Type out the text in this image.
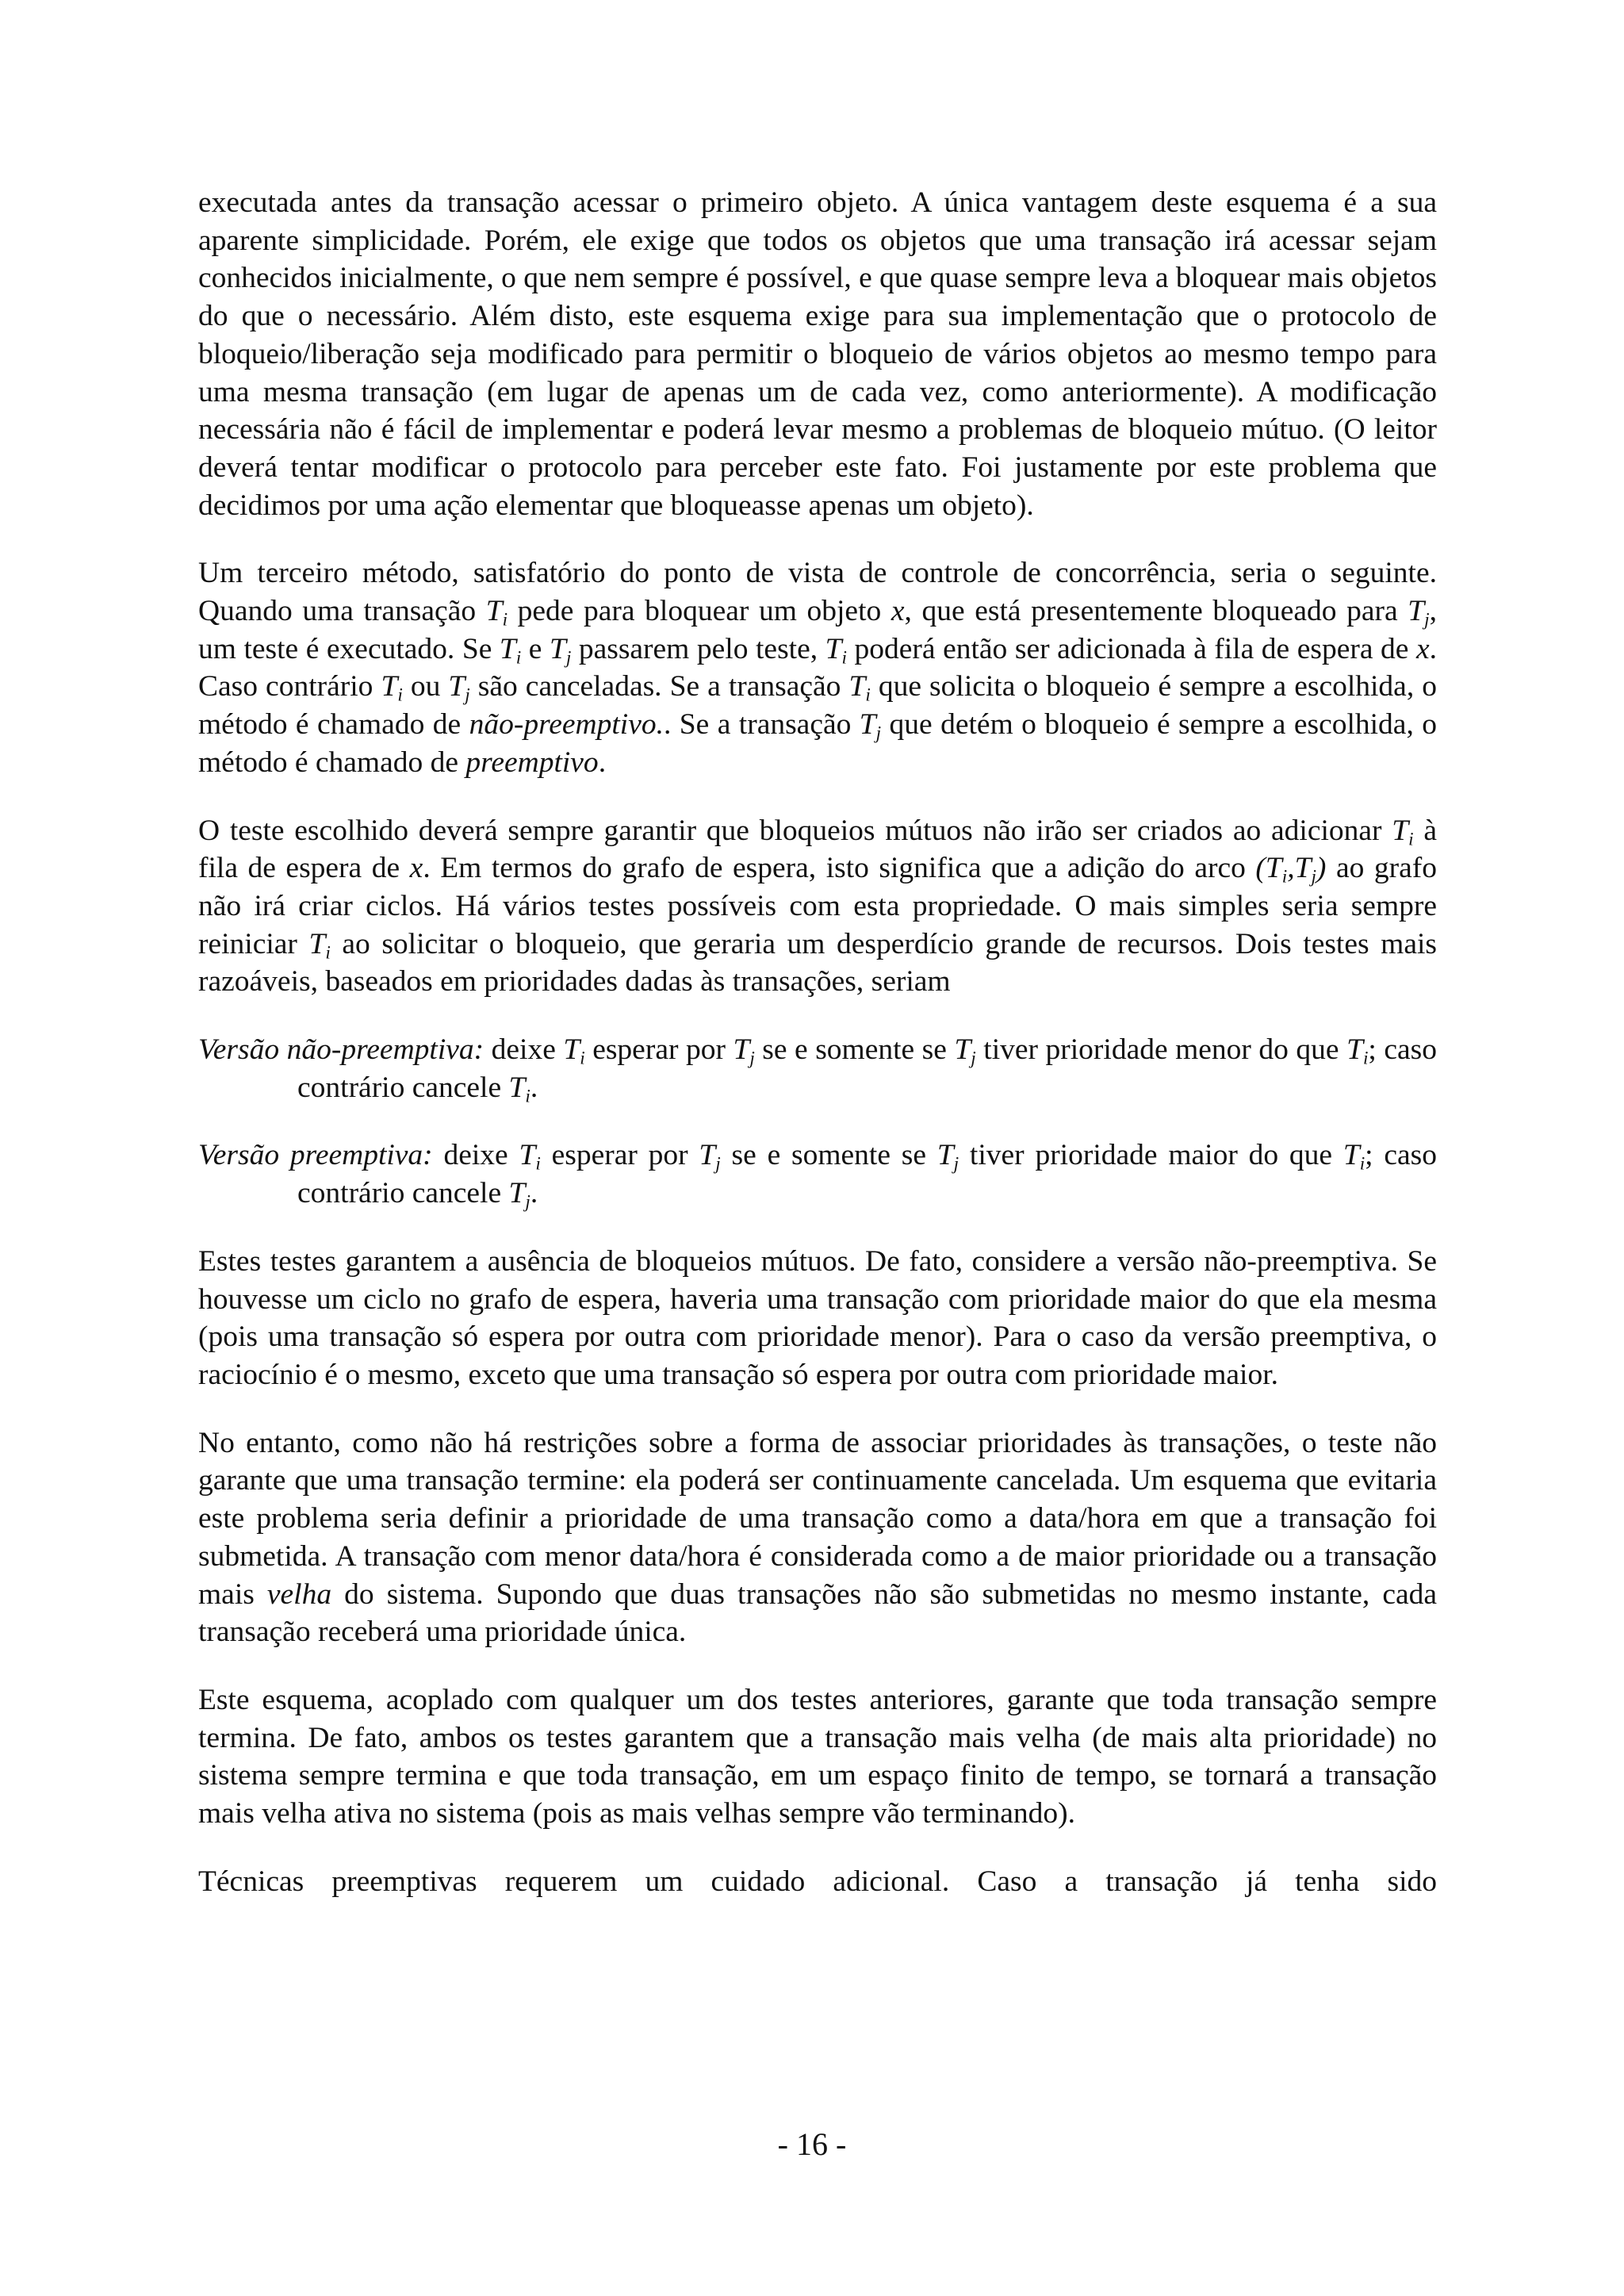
executada antes da transação acessar o primeiro objeto. A única vantagem deste esquema é a sua aparente simplicidade. Porém, ele exige que todos os objetos que uma transação irá acessar sejam conhecidos inicialmente, o que nem sempre é possível, e que quase sempre leva a bloquear mais objetos do que o necessário. Além disto, este esquema exige para sua implementação que o protocolo de bloqueio/liberação seja modificado para permitir o bloqueio de vários objetos ao mesmo tempo para uma mesma transação (em lugar de apenas um de cada vez, como anteriormente). A modificação necessária não é fácil de implementar e poderá levar mesmo a problemas de bloqueio mútuo. (O leitor deverá tentar modificar o protocolo para perceber este fato. Foi justamente por este problema que decidimos por uma ação elementar que bloqueasse apenas um objeto).

Um terceiro método, satisfatório do ponto de vista de controle de concorrência, seria o seguinte. Quando uma transação $T_i$ pede para bloquear um objeto x, que está presentemente bloqueado para $T_j$, um teste é executado. Se $T_i$ e $T_j$ passarem pelo teste, $T_i$ poderá então ser adicionada à fila de espera de x. Caso contrário $T_i$ ou $T_j$ são canceladas. Se a transação $T_i$ que solicita o bloqueio é sempre a escolhida, o método é chamado de não-preemptivo.. Se a transação $T_j$ que detém o bloqueio é sempre a escolhida, o método é chamado de preemptivo.

O teste escolhido deverá sempre garantir que bloqueios mútuos não irão ser criados ao adicionar $T_i$ à fila de espera de x. Em termos do grafo de espera, isto significa que a adição do arco $(T_i,T_j)$ ao grafo não irá criar ciclos. Há vários testes possíveis com esta propriedade. O mais simples seria sempre reiniciar $T_i$ ao solicitar o bloqueio, que geraria um desperdício grande de recursos. Dois testes mais razoáveis, baseados em prioridades dadas às transações, seriam

Versão não-preemptiva: deixe $T_i$ esperar por $T_j$ se e somente se $T_j$ tiver prioridade menor do que $T_i$; caso contrário cancele $T_i$.

Versão preemptiva: deixe $T_i$ esperar por $T_j$ se e somente se $T_j$ tiver prioridade maior do que $T_i$; caso contrário cancele $T_j$.

Estes testes garantem a ausência de bloqueios mútuos. De fato, considere a versão não-preemptiva. Se houvesse um ciclo no grafo de espera, haveria uma transação com prioridade maior do que ela mesma (pois uma transação só espera por outra com prioridade menor). Para o caso da versão preemptiva, o raciocínio é o mesmo, exceto que uma transação só espera por outra com prioridade maior.

No entanto, como não há restrições sobre a forma de associar prioridades às transações, o teste não garante que uma transação termine: ela poderá ser continuamente cancelada. Um esquema que evitaria este problema seria definir a prioridade de uma transação como a data/hora em que a transação foi submetida. A transação com menor data/hora é considerada como a de maior prioridade ou a transação mais velha do sistema. Supondo que duas transações não são submetidas no mesmo instante, cada transação receberá uma prioridade única.

Este esquema, acoplado com qualquer um dos testes anteriores, garante que toda transação sempre termina. De fato, ambos os testes garantem que a transação mais velha (de mais alta prioridade) no sistema sempre termina e que toda transação, em um espaço finito de tempo, se tornará a transação mais velha ativa no sistema (pois as mais velhas sempre vão terminando).

Técnicas preemptivas requerem um cuidado adicional. Caso a transação já tenha sido

- 16 -
